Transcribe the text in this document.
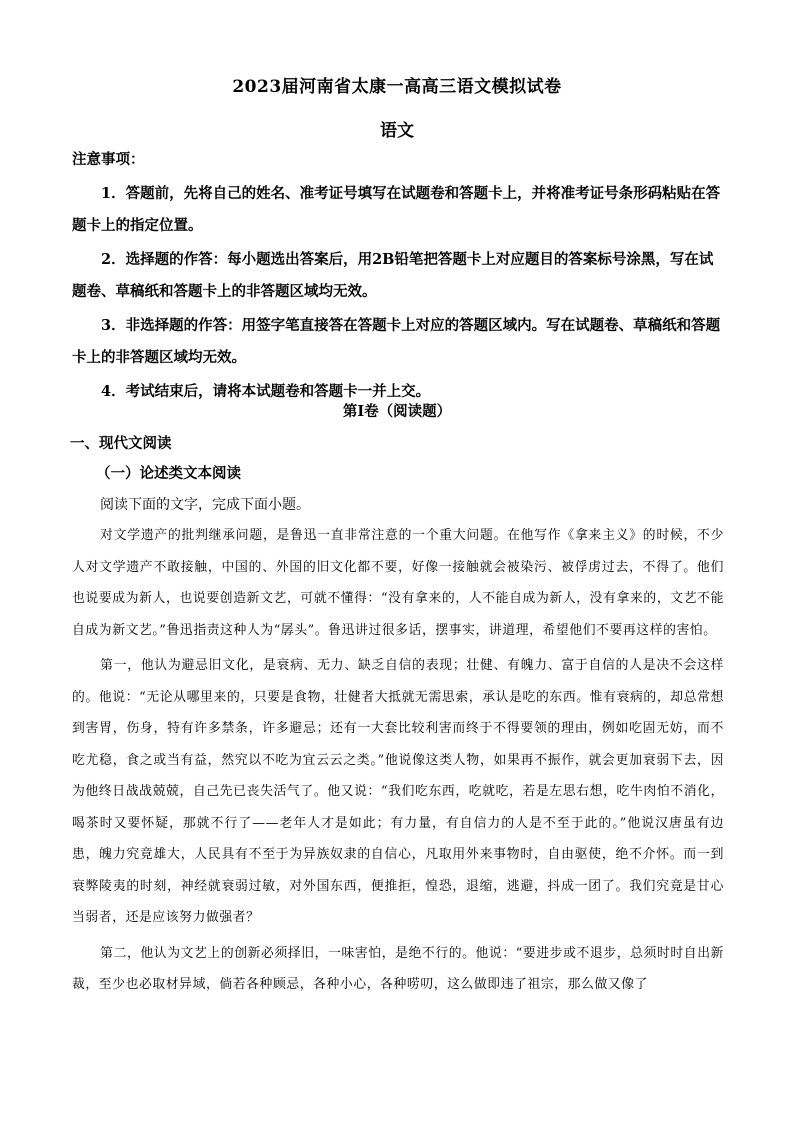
2023届河南省太康一高高三语文模拟试卷
语文
注意事项：

1．答题前，先将自己的姓名、准考证号填写在试题卷和答题卡上，并将准考证号条形码粘贴在答题卡上的指定位置。

2．选择题的作答：每小题选出答案后，用2B铅笔把答题卡上对应题目的答案标号涂黑，写在试题卷、草稿纸和答题卡上的非答题区域均无效。

3．非选择题的作答：用签字笔直接答在答题卡上对应的答题区域内。写在试题卷、草稿纸和答题卡上的非答题区域均无效。

4．考试结束后，请将本试题卷和答题卡一并上交。

第Ⅰ卷（阅读题）
一、现代文阅读
（一）论述类文本阅读
阅读下面的文字，完成下面小题。

对文学遗产的批判继承问题，是鲁迅一直非常注意的一个重大问题。在他写作《拿来主义》的时候，不少人对文学遗产不敢接触，中国的、外国的旧文化都不要，好像一接触就会被染污、被俘虏过去，不得了。他们也说要成为新人，也说要创造新文艺，可就不懂得：“没有拿来的，人不能自成为新人，没有拿来的，文艺不能自成为新文艺。”鲁迅指责这种人为“孱头”。鲁迅讲过很多话，摆事实，讲道理，希望他们不要再这样的害怕。

第一，他认为避忌旧文化，是衰病、无力、缺乏自信的表现；壮健、有魄力、富于自信的人是决不会这样的。他说：“无论从哪里来的，只要是食物，壮健者大抵就无需思索，承认是吃的东西。惟有衰病的，却总常想到害胃，伤身，特有许多禁条，许多避忌；还有一大套比较利害而终于不得要领的理由，例如吃固无妨，而不吃尤稳，食之或当有益，然究以不吃为宜云云之类。”他说像这类人物，如果再不振作，就会更加衰弱下去，因为他终日战战兢兢，自己先已丧失活气了。他又说：“我们吃东西，吃就吃，若是左思右想，吃牛肉怕不消化，喝茶时又要怀疑，那就不行了——老年人才是如此；有力量，有自信力的人是不至于此的。”他说汉唐虽有边患，魄力究竟雄大，人民具有不至于为异族奴隶的自信心，凡取用外来事物时，自由驱使，绝不介怀。而一到衰弊陵夷的时刻，神经就衰弱过敏，对外国东西，便推拒，惶恐，退缩，逃避，抖成一团了。我们究竟是甘心当弱者，还是应该努力做强者？

第二，他认为文艺上的创新必须择旧，一味害怕，是绝不行的。他说：“要进步或不退步，总须时时自出新裁，至少也必取材异域，倘若各种顾忌，各种小心，各种唠叨，这么做即违了祖宗，那么做又像了
